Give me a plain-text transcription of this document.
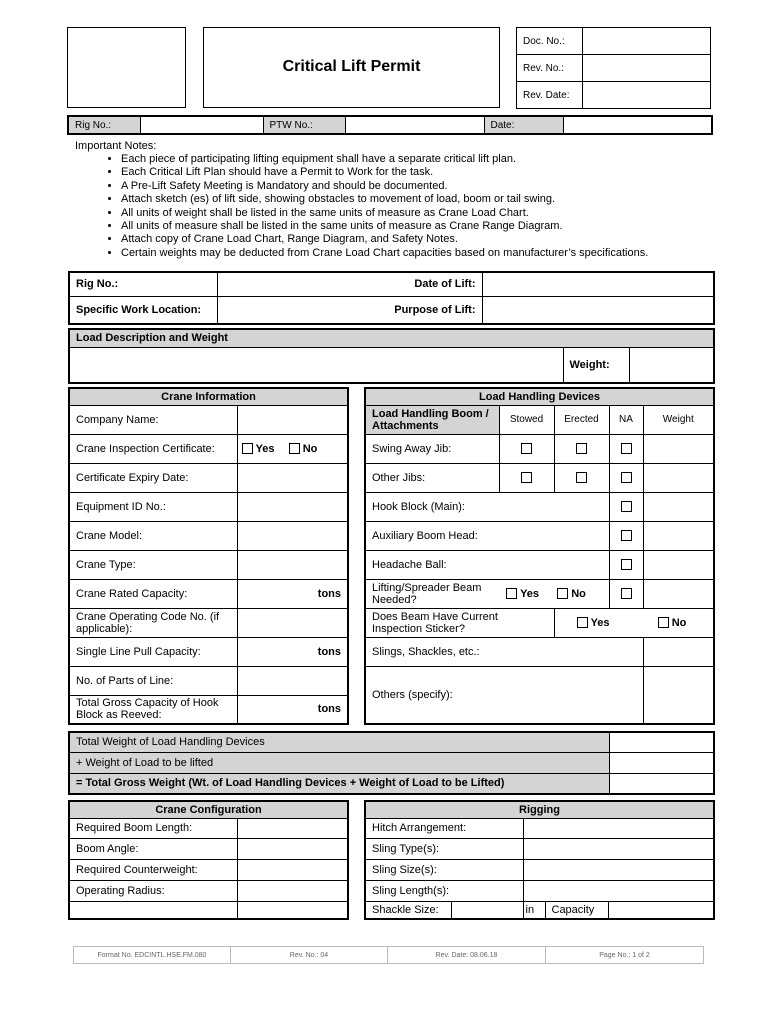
Critical Lift Permit
Doc. No.:	
Rev. No.:	
Rev. Date:	
Rig No.:		PTW No.:		Date:	
Important Notes:
• Each piece of participating lifting equipment shall have a separate critical lift plan.
• Each Critical Lift Plan should have a Permit to Work for the task.
• A Pre-Lift Safety Meeting is Mandatory and should be documented.
• Attach sketch (es) of lift side, showing obstacles to movement of load, boom or tail swing.
• All units of weight shall be listed in the same units of measure as Crane Load Chart.
• All units of measure shall be listed in the same units of measure as Crane Range Diagram.
• Attach copy of Crane Load Chart, Range Diagram, and Safety Notes.
• Certain weights may be deducted from Crane Load Chart capacities based on manufacturer’s specifications.
Rig No.:	Date of Lift:	
Specific Work Location:	Purpose of Lift:	
Load Description and Weight
	Weight:	
Crane Information	
Company Name:	
Crane Inspection Certificate:	Yes No
Certificate Expiry Date:	
Equipment ID No.:	
Crane Model:	
Crane Type:	
Crane Rated Capacity:	tons

Crane Operating Code No. (if applicable):	
Single Line Pull Capacity:	tons

No. of Parts of Line:	
Total Gross Capacity of Hook Block as Reeved:	tons
Load Handling Devices				
Load Handling Boom / Attachments	Stowed	Erected	NA	Weight
Swing Away Jib:				
Other Jibs:				
Hook Block (Main):				
Auxiliary Boom Head:				
Headache Ball:				
Lifting/Spreader Beam Needed? Yes No				

Does Beam Have Current Inspection Sticker?		Yes No		
Slings, Shackles, etc.:				
Others (specify):				
Total Weight of Load Handling Devices	
+ Weight of Load to be lifted	
= Total Gross Weight (Wt. of Load Handling Devices + Weight of Load to be Lifted)	
Crane Configuration	
Required Boom Length:	
Boom Angle:	
Required Counterweight:	
Operating Radius:	

Rigging				
Hitch Arrangement:				
Sling Type(s):				
Sling Size(s):				
Sling Length(s):				
Shackle Size:		in	Capacity	
Format No. EDCINTL.HSE.FM.080	Rev. No.: 04	Rev. Date: 08.06.18	Page No.: 1 of 2
